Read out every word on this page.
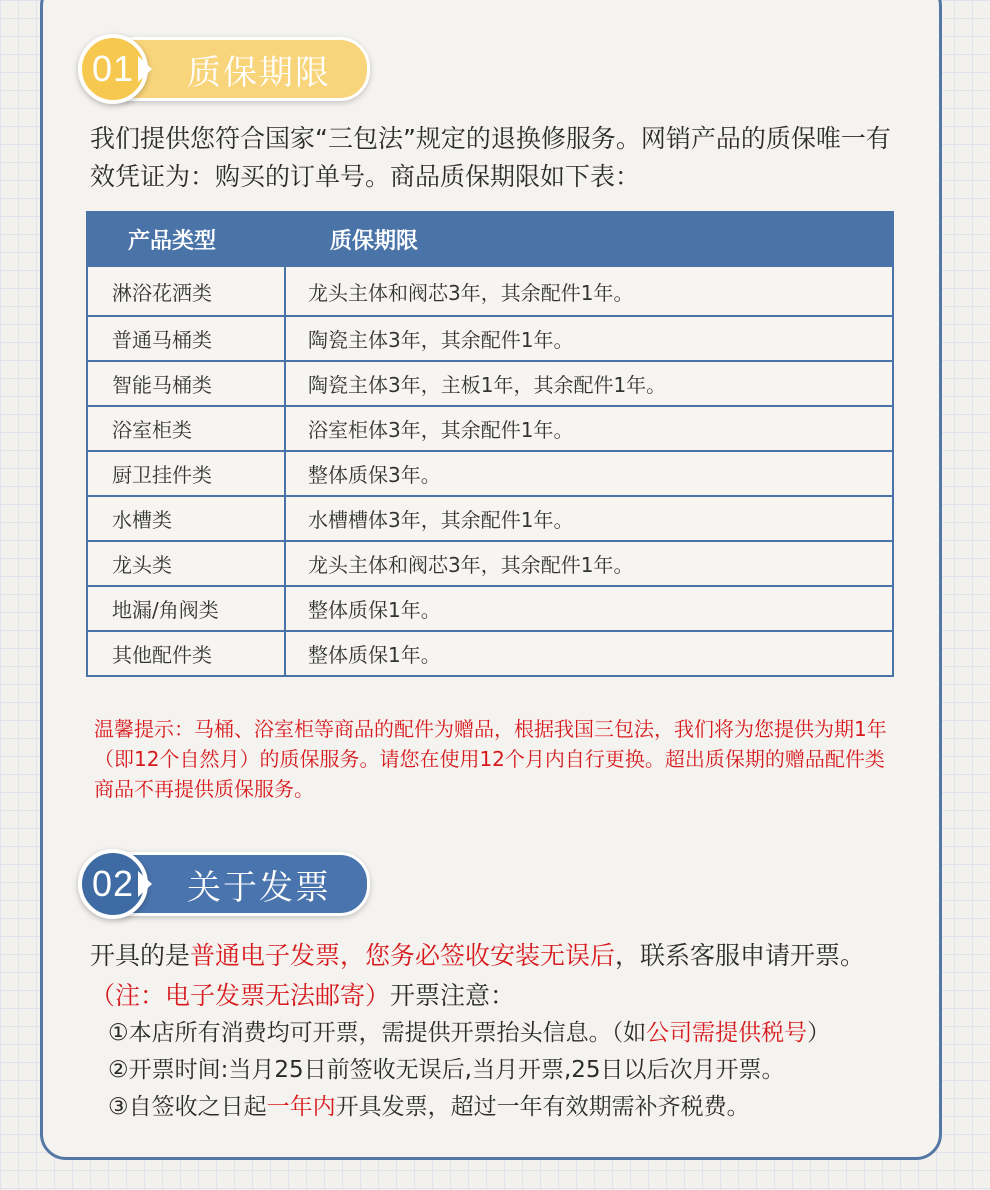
01	质保期限

我们提供您符合国家“三包法”规定的退换修服务。网销产品的质保唯一有效凭证为：购买的订单号。商品质保期限如下表：

产品类型	质保期限
淋浴花洒类	龙头主体和阀芯3年，其余配件1年。
普通马桶类	陶瓷主体3年，其余配件1年。
智能马桶类	陶瓷主体3年，主板1年，其余配件1年。
浴室柜类	浴室柜体3年，其余配件1年。
厨卫挂件类	整体质保3年。
水槽类	水槽槽体3年，其余配件1年。
龙头类	龙头主体和阀芯3年，其余配件1年。
地漏/角阀类	整体质保1年。
其他配件类	整体质保1年。

温馨提示：马桶、浴室柜等商品的配件为赠品，根据我国三包法，我们将为您提供为期1年（即12个自然月）的质保服务。请您在使用12个月内自行更换。超出质保期的赠品配件类商品不再提供质保服务。

02	关于发票
开具的是普通电子发票，您务必签收安装无误后，联系客服申请开票。
（注：电子发票无法邮寄）开票注意：
①本店所有消费均可开票，需提供开票抬头信息。（如公司需提供税号）
②开票时间:当月25日前签收无误后,当月开票,25日以后次月开票。
③自签收之日起一年内开具发票，超过一年有效期需补齐税费。
